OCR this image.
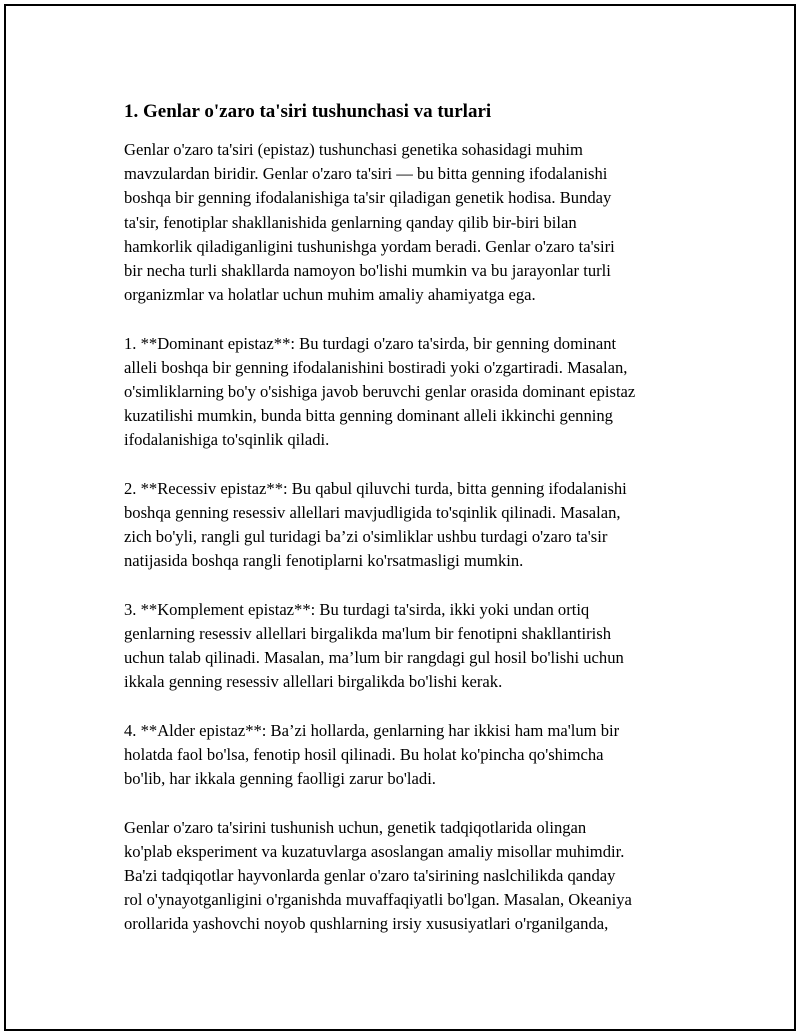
1. Genlar o'zaro ta'siri tushunchasi va turlari
Genlar o'zaro ta'siri (epistaz) tushunchasi genetika sohasidagi muhim
mavzulardan biridir. Genlar o'zaro ta'siri — bu bitta genning ifodalanishi
boshqa bir genning ifodalanishiga ta'sir qiladigan genetik hodisa. Bunday
ta'sir, fenotiplar shakllanishida genlarning qanday qilib bir-biri bilan
hamkorlik qiladiganligini tushunishga yordam beradi. Genlar o'zaro ta'siri
bir necha turli shakllarda namoyon bo'lishi mumkin va bu jarayonlar turli
organizmlar va holatlar uchun muhim amaliy ahamiyatga ega.
1. **Dominant epistaz**: Bu turdagi o'zaro ta'sirda, bir genning dominant
alleli boshqa bir genning ifodalanishini bostiradi yoki o'zgartiradi. Masalan,
o'simliklarning bo'y o'sishiga javob beruvchi genlar orasida dominant epistaz
kuzatilishi mumkin, bunda bitta genning dominant alleli ikkinchi genning
ifodalanishiga to'sqinlik qiladi.
2. **Recessiv epistaz**: Bu qabul qiluvchi turda, bitta genning ifodalanishi
boshqa genning resessiv allellari mavjudligida to'sqinlik qilinadi. Masalan,
zich bo'yli, rangli gul turidagi ba’zi o'simliklar ushbu turdagi o'zaro ta'sir
natijasida boshqa rangli fenotiplarni ko'rsatmasligi mumkin.
3. **Komplement epistaz**: Bu turdagi ta'sirda, ikki yoki undan ortiq
genlarning resessiv allellari birgalikda ma'lum bir fenotipni shakllantirish
uchun talab qilinadi. Masalan, ma’lum bir rangdagi gul hosil bo'lishi uchun
ikkala genning resessiv allellari birgalikda bo'lishi kerak.
4. **Alder epistaz**: Ba’zi hollarda, genlarning har ikkisi ham ma'lum bir
holatda faol bo'lsa, fenotip hosil qilinadi. Bu holat ko'pincha qo'shimcha
bo'lib, har ikkala genning faolligi zarur bo'ladi.
Genlar o'zaro ta'sirini tushunish uchun, genetik tadqiqotlarida olingan
ko'plab eksperiment va kuzatuvlarga asoslangan amaliy misollar muhimdir.
Ba'zi tadqiqotlar hayvonlarda genlar o'zaro ta'sirining naslchilikda qanday
rol o'ynayotganligini o'rganishda muvaffaqiyatli bo'lgan. Masalan, Okeaniya
orollarida yashovchi noyob qushlarning irsiy xususiyatlari o'rganilganda,
